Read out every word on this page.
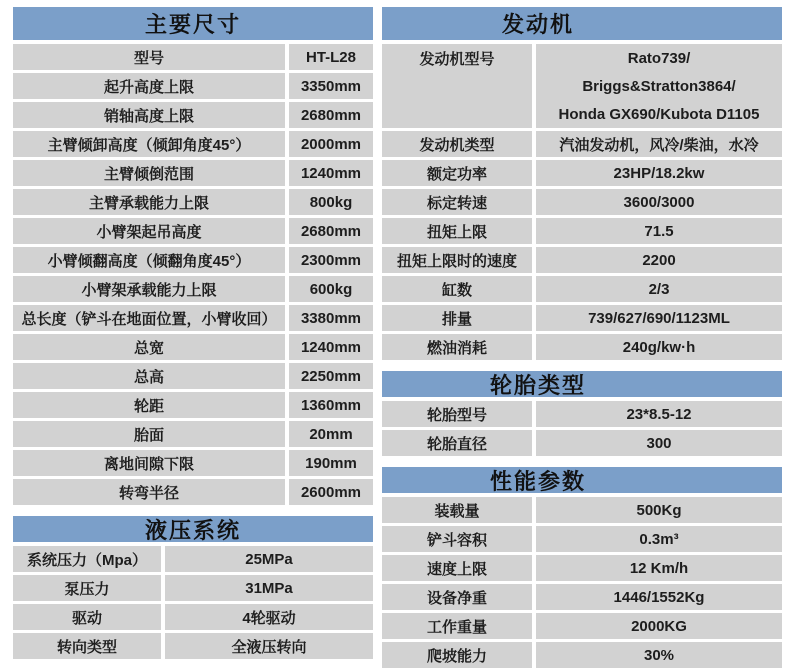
主要尺寸
型号	HT-L28
起升高度上限	3350mm
销轴高度上限	2680mm
主臂倾卸高度（倾卸角度45°）	2000mm
主臂倾倒范围	1240mm
主臂承载能力上限	800kg
小臂架起吊高度	2680mm
小臂倾翻高度（倾翻角度45°）	2300mm
小臂架承载能力上限	600kg
总长度（铲斗在地面位置，小臂收回）	3380mm
总宽	1240mm
总高	2250mm
轮距	1360mm
胎面	20mm
离地间隙下限	190mm
转弯半径	2600mm
液压系统
系统压力（Mpa）	25MPa
泵压力	31MPa
驱动	4轮驱动
转向类型	全液压转向
发动机
发动机型号	Rato739/
Briggs&Stratton3864/
Honda GX690/Kubota D1105
发动机类型	汽油发动机，风冷/柴油，水冷
额定功率	23HP/18.2kw
标定转速	3600/3000
扭矩上限	71.5
扭矩上限时的速度	2200
缸数	2/3
排量	739/627/690/1123ML
燃油消耗	240g/kw·h
轮胎类型
轮胎型号	23*8.5-12
轮胎直径	300
性能参数
装载量	500Kg
铲斗容积	0.3m³
速度上限	12 Km/h
设备净重	1446/1552Kg
工作重量	2000KG
爬坡能力	30%
